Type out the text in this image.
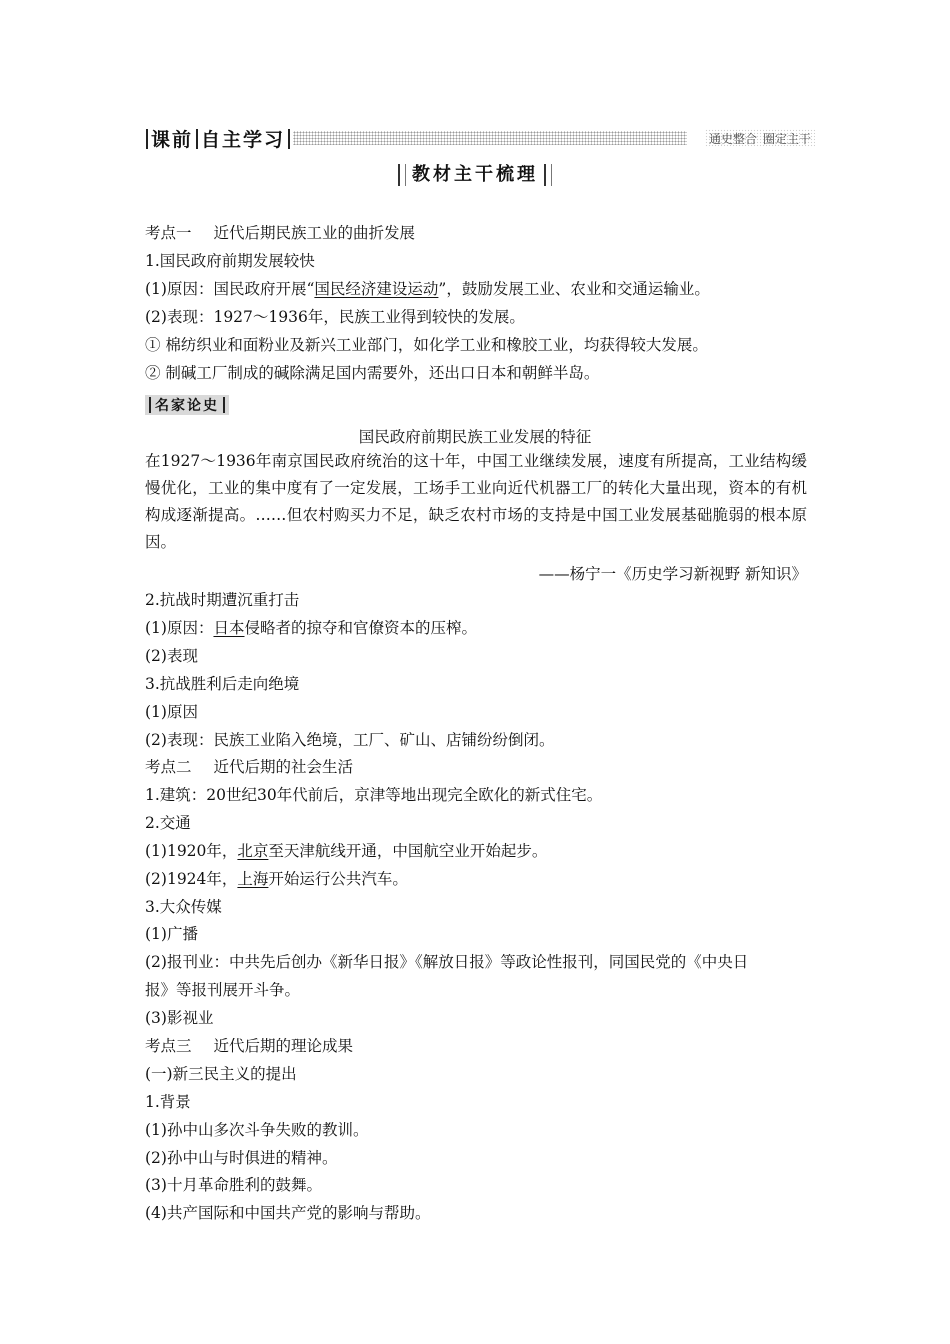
课前 自主学习	通史整合 圈定主干
教材主干梳理
考点一 近代后期民族工业的曲折发展
1.国民政府前期发展较快
(1)原因：国民政府开展“国民经济建设运动”，鼓励发展工业、农业和交通运输业。
(2)表现：1927～1936年，民族工业得到较快的发展。
① 棉纺织业和面粉业及新兴工业部门，如化学工业和橡胶工业，均获得较大发展。
② 制碱工厂制成的碱除满足国内需要外，还出口日本和朝鲜半岛。
名家论史
国民政府前期民族工业发展的特征
在1927～1936年南京国民政府统治的这十年，中国工业继续发展，速度有所提高，工业结构缓慢优化，工业的集中度有了一定发展，工场手工业向近代机器工厂的转化大量出现，资本的有机构成逐渐提高。……但农村购买力不足，缺乏农村市场的支持是中国工业发展基础脆弱的根本原因。
——杨宁一《历史学习新视野 新知识》
2.抗战时期遭沉重打击
(1)原因：日本侵略者的掠夺和官僚资本的压榨。
(2)表现
3.抗战胜利后走向绝境
(1)原因
(2)表现：民族工业陷入绝境，工厂、矿山、店铺纷纷倒闭。
考点二 近代后期的社会生活
1.建筑：20世纪30年代前后，京津等地出现完全欧化的新式住宅。
2.交通
(1)1920年，北京至天津航线开通，中国航空业开始起步。
(2)1924年，上海开始运行公共汽车。
3.大众传媒
(1)广播
(2)报刊业：中共先后创办《新华日报》《解放日报》等政论性报刊，同国民党的《中央日
报》等报刊展开斗争。
(3)影视业
考点三 近代后期的理论成果
(一)新三民主义的提出
1.背景
(1)孙中山多次斗争失败的教训。
(2)孙中山与时俱进的精神。
(3)十月革命胜利的鼓舞。
(4)共产国际和中国共产党的影响与帮助。
